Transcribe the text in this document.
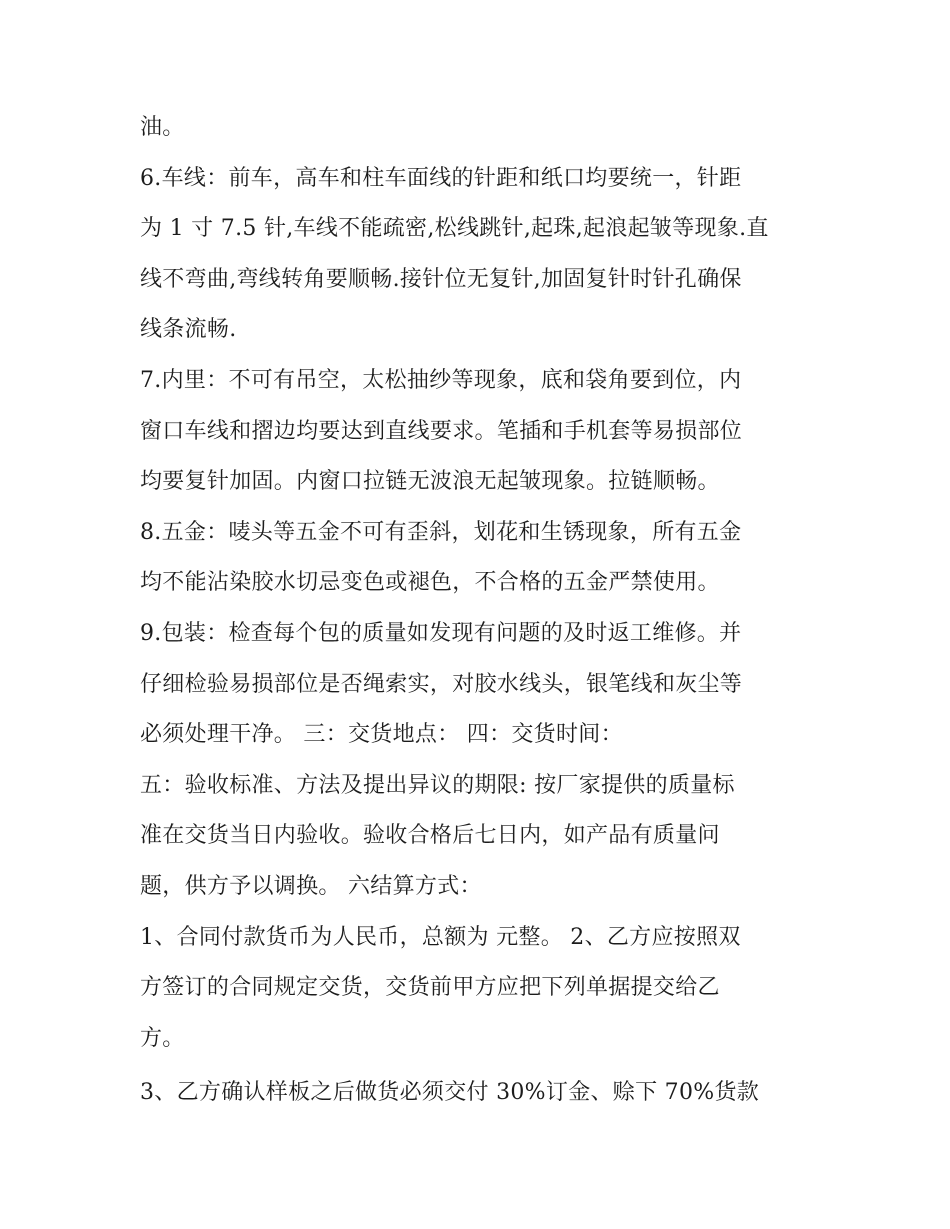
油。
6.车线：前车，高车和柱车面线的针距和纸口均要统一，针距
为 1 寸 7.5 针,车线不能疏密,松线跳针,起珠,起浪起皱等现象.直
线不弯曲,弯线转角要顺畅.接针位无复针,加固复针时针孔确保
线条流畅.
7.内里：不可有吊空，太松抽纱等现象，底和袋角要到位，内
窗口车线和摺边均要达到直线要求。笔插和手机套等易损部位
均要复针加固。内窗口拉链无波浪无起皱现象。拉链顺畅。
8.五金：唛头等五金不可有歪斜，划花和生锈现象，所有五金
均不能沾染胶水切忌变色或褪色，不合格的五金严禁使用。
9.包装：检查每个包的质量如发现有问题的及时返工维修。并
仔细检验易损部位是否绳索实，对胶水线头，银笔线和灰尘等
必须处理干净。 三：交货地点： 四：交货时间：
五：验收标准、方法及提出异议的期限: 按厂家提供的质量标
准在交货当日内验收。验收合格后七日内，如产品有质量问
题，供方予以调换。 六结算方式：
1、合同付款货币为人民币，总额为 元整。 2、乙方应按照双
方签订的合同规定交货，交货前甲方应把下列单据提交给乙
方。
3、乙方确认样板之后做货必须交付 30%订金、赊下 70%货款
